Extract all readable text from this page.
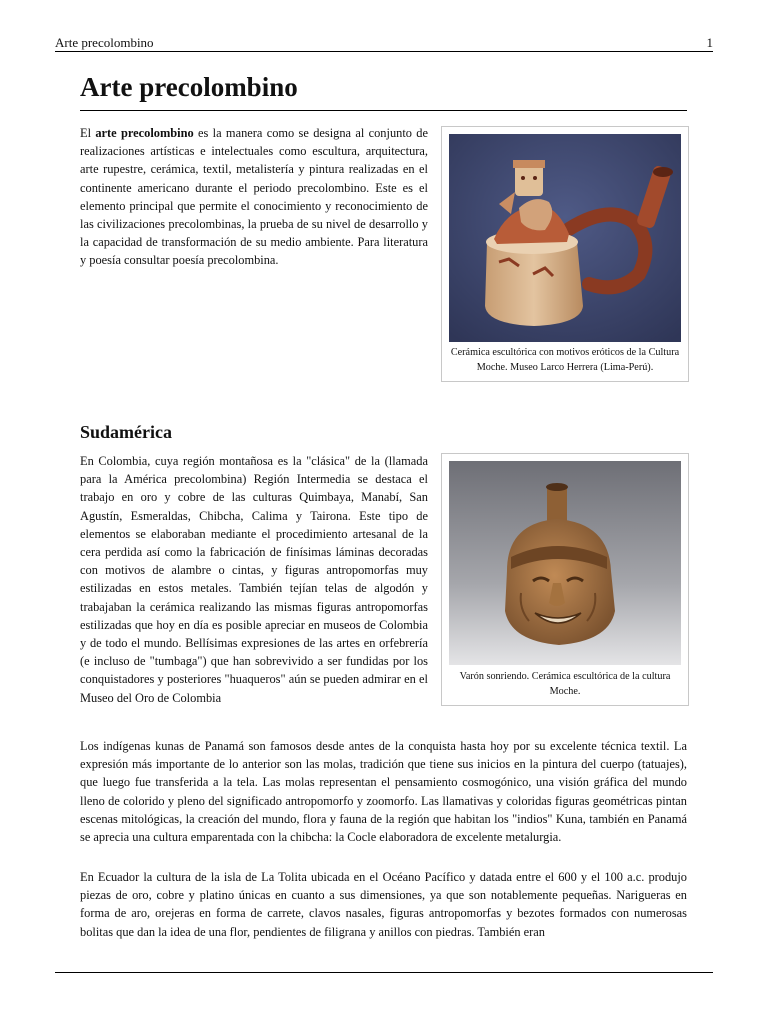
Arte precolombino	1
Arte precolombino

El arte precolombino es la manera como se designa al conjunto de realizaciones artísticas e intelectuales como escultura, arquitectura, arte rupestre, cerámica, textil, metalistería y pintura realizadas en el continente americano durante el periodo precolombino. Este es el elemento principal que permite el conocimiento y reconocimiento de las civilizaciones precolombinas, la prueba de su nivel de desarrollo y la capacidad de transformación de su medio ambiente. Para literatura y poesía consultar poesía precolombina.

Cerámica escultórica con motivos eróticos de la Cultura Moche. Museo Larco Herrera (Lima-Perú).
Sudamérica

En Colombia, cuya región montañosa es la "clásica" de la (llamada para la América precolombina) Región Intermedia se destaca el trabajo en oro y cobre de las culturas Quimbaya, Manabí, San Agustín, Esmeraldas, Chibcha, Calima y Tairona. Este tipo de elementos se elaboraban mediante el procedimiento artesanal de la cera perdida así como la fabricación de finísimas láminas decoradas con motivos de alambre o cintas, y figuras antropomorfas muy estilizadas en estos metales. También tejían telas de algodón y trabajaban la cerámica realizando las mismas figuras antropomorfas estilizadas que hoy en día es posible apreciar en museos de Colombia y de todo el mundo. Bellísimas expresiones de las artes en orfebrería (e incluso de "tumbaga") que han sobrevivido a ser fundidas por los conquistadores y posteriores "huaqueros" aún se pueden admirar en el Museo del Oro de Colombia

Varón sonriendo. Cerámica escultórica de la cultura Moche.

Los indígenas kunas de Panamá son famosos desde antes de la conquista hasta hoy por su excelente técnica textil. La expresión más importante de lo anterior son las molas, tradición que tiene sus inicios en la pintura del cuerpo (tatuajes), que luego fue transferida a la tela. Las molas representan el pensamiento cosmogónico, una visión gráfica del mundo lleno de colorido y pleno del significado antropomorfo y zoomorfo. Las llamativas y coloridas figuras geométricas pintan escenas mitológicas, la creación del mundo, flora y fauna de la región que habitan los "indios" Kuna, también en Panamá se aprecia una cultura emparentada con la chibcha: la Cocle elaboradora de excelente metalurgia.

En Ecuador la cultura de la isla de La Tolita ubicada en el Océano Pacífico y datada entre el 600 y el 100 a.c. produjo piezas de oro, cobre y platino únicas en cuanto a sus dimensiones, ya que son notablemente pequeñas. Narigueras en forma de aro, orejeras en forma de carrete, clavos nasales, figuras antropomorfas y bezotes formados con numerosas bolitas que dan la idea de una flor, pendientes de filigrana y anillos con piedras. También eran
